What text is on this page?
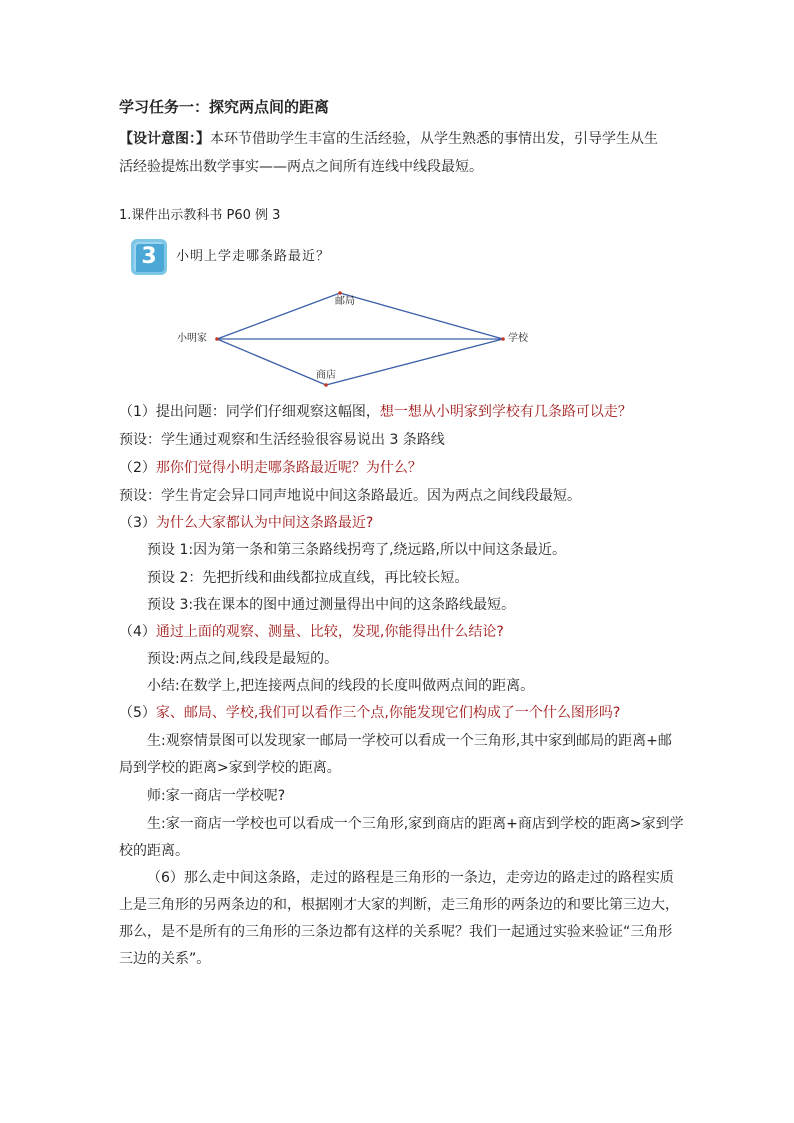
学习任务一：探究两点间的距离
【设计意图：】本环节借助学生丰富的生活经验，从学生熟悉的事情出发，引导学生从生
活经验提炼出数学事实——两点之间所有连线中线段最短。
1.课件出示教科书 P60 例 3
3	小明上学走哪条路最近？
小明家
邮局
学校
商店
（1）提出问题：同学们仔细观察这幅图，想一想从小明家到学校有几条路可以走？
预设：学生通过观察和生活经验很容易说出 3 条路线
（2）那你们觉得小明走哪条路最近呢？为什么？
预设：学生肯定会异口同声地说中间这条路最近。因为两点之间线段最短。
（3）为什么大家都认为中间这条路最近?
预设 1:因为第一条和第三条路线拐弯了,绕远路,所以中间这条最近。
预设 2：先把折线和曲线都拉成直线，再比较长短。
预设 3:我在课本的图中通过测量得出中间的这条路线最短。
（4）通过上面的观察、测量、比较，发现,你能得出什么结论?
预设:两点之间,线段是最短的。
小结:在数学上,把连接两点间的线段的长度叫做两点间的距离。
（5）家、邮局、学校,我们可以看作三个点,你能发现它们构成了一个什么图形吗?
生:观察情景图可以发现家一邮局一学校可以看成一个三角形,其中家到邮局的距离+邮
局到学校的距离>家到学校的距离。
师:家一商店一学校呢?
生:家一商店一学校也可以看成一个三角形,家到商店的距离+商店到学校的距离>家到学
校的距离。
（6）那么走中间这条路，走过的路程是三角形的一条边，走旁边的路走过的路程实质
上是三角形的另两条边的和，根据刚才大家的判断，走三角形的两条边的和要比第三边大，
那么，是不是所有的三角形的三条边都有这样的关系呢？我们一起通过实验来验证“三角形
三边的关系”。
